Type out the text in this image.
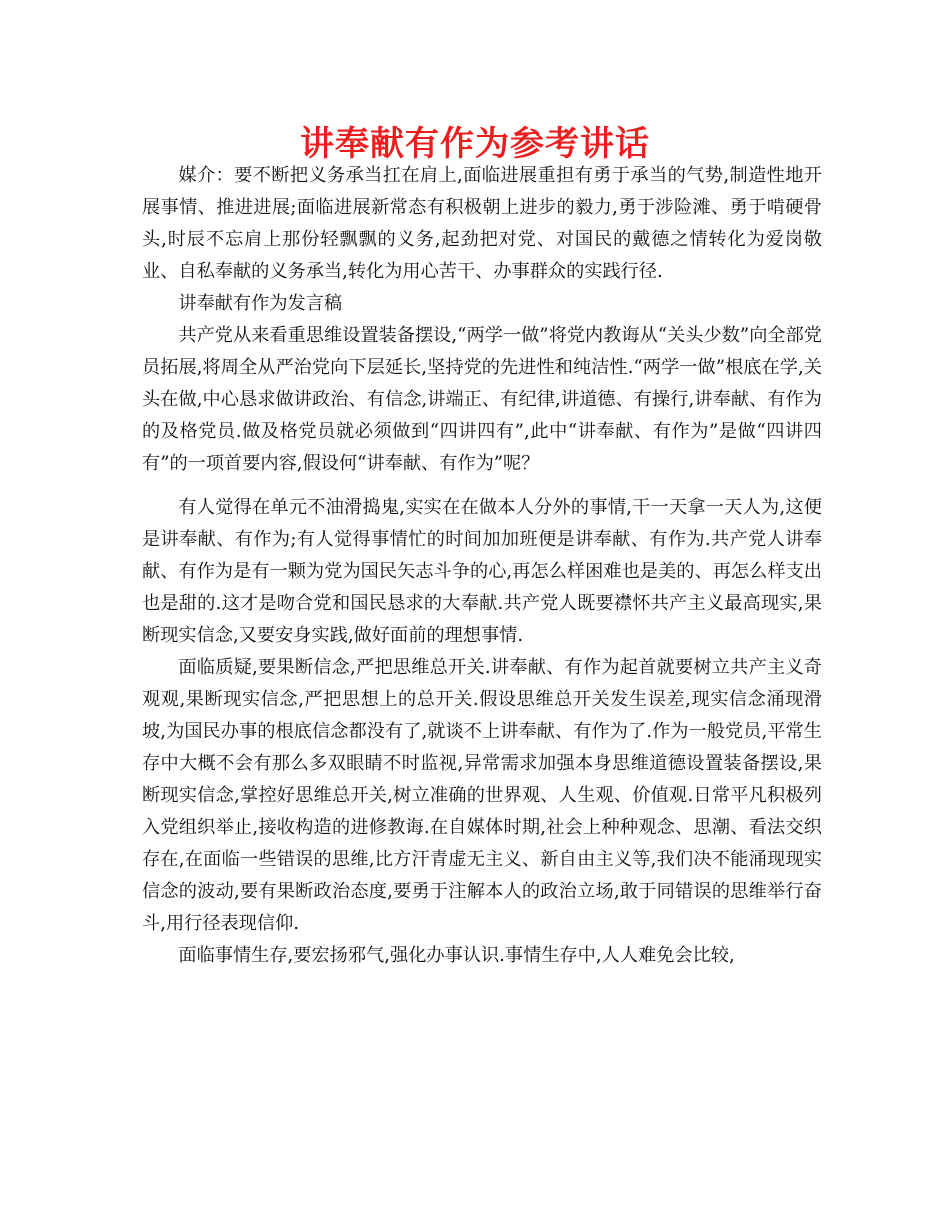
讲奉献有作为参考讲话

媒介：要不断把义务承当扛在肩上,面临进展重担有勇于承当的气势,制造性地开展事情、推进进展;面临进展新常态有积极朝上进步的毅力,勇于涉险滩、勇于啃硬骨头,时辰不忘肩上那份轻飘飘的义务,起劲把对党、对国民的戴德之情转化为爱岗敬业、自私奉献的义务承当,转化为用心苦干、办事群众的实践行径.

讲奉献有作为发言稿

共产党从来看重思维设置装备摆设,“两学一做”将党内教诲从“关头少数”向全部党员拓展,将周全从严治党向下层延长,坚持党的先进性和纯洁性.“两学一做”根底在学,关头在做,中心恳求做讲政治、有信念,讲端正、有纪律,讲道德、有操行,讲奉献、有作为的及格党员.做及格党员就必须做到“四讲四有”,此中“讲奉献、有作为”是做“四讲四有”的一项首要内容,假设何“讲奉献、有作为”呢？

有人觉得在单元不油滑捣鬼,实实在在做本人分外的事情,干一天拿一天人为,这便是讲奉献、有作为;有人觉得事情忙的时间加加班便是讲奉献、有作为.共产党人讲奉献、有作为是有一颗为党为国民矢志斗争的心,再怎么样困难也是美的、再怎么样支出也是甜的.这才是吻合党和国民恳求的大奉献.共产党人既要襟怀共产主义最高现实,果断现实信念,又要安身实践,做好面前的理想事情.

面临质疑,要果断信念,严把思维总开关.讲奉献、有作为起首就要树立共产主义奇观观,果断现实信念,严把思想上的总开关.假设思维总开关发生误差,现实信念涌现滑坡,为国民办事的根底信念都没有了,就谈不上讲奉献、有作为了.作为一般党员,平常生存中大概不会有那么多双眼睛不时监视,异常需求加强本身思维道德设置装备摆设,果断现实信念,掌控好思维总开关,树立准确的世界观、人生观、价值观.日常平凡积极列入党组织举止,接收构造的进修教诲.在自媒体时期,社会上种种观念、思潮、看法交织存在,在面临一些错误的思维,比方汗青虚无主义、新自由主义等,我们决不能涌现现实信念的波动,要有果断政治态度,要勇于注解本人的政治立场,敢于同错误的思维举行奋斗,用行径表现信仰.

面临事情生存,要宏扬邪气,强化办事认识.事情生存中,人人难免会比较,
